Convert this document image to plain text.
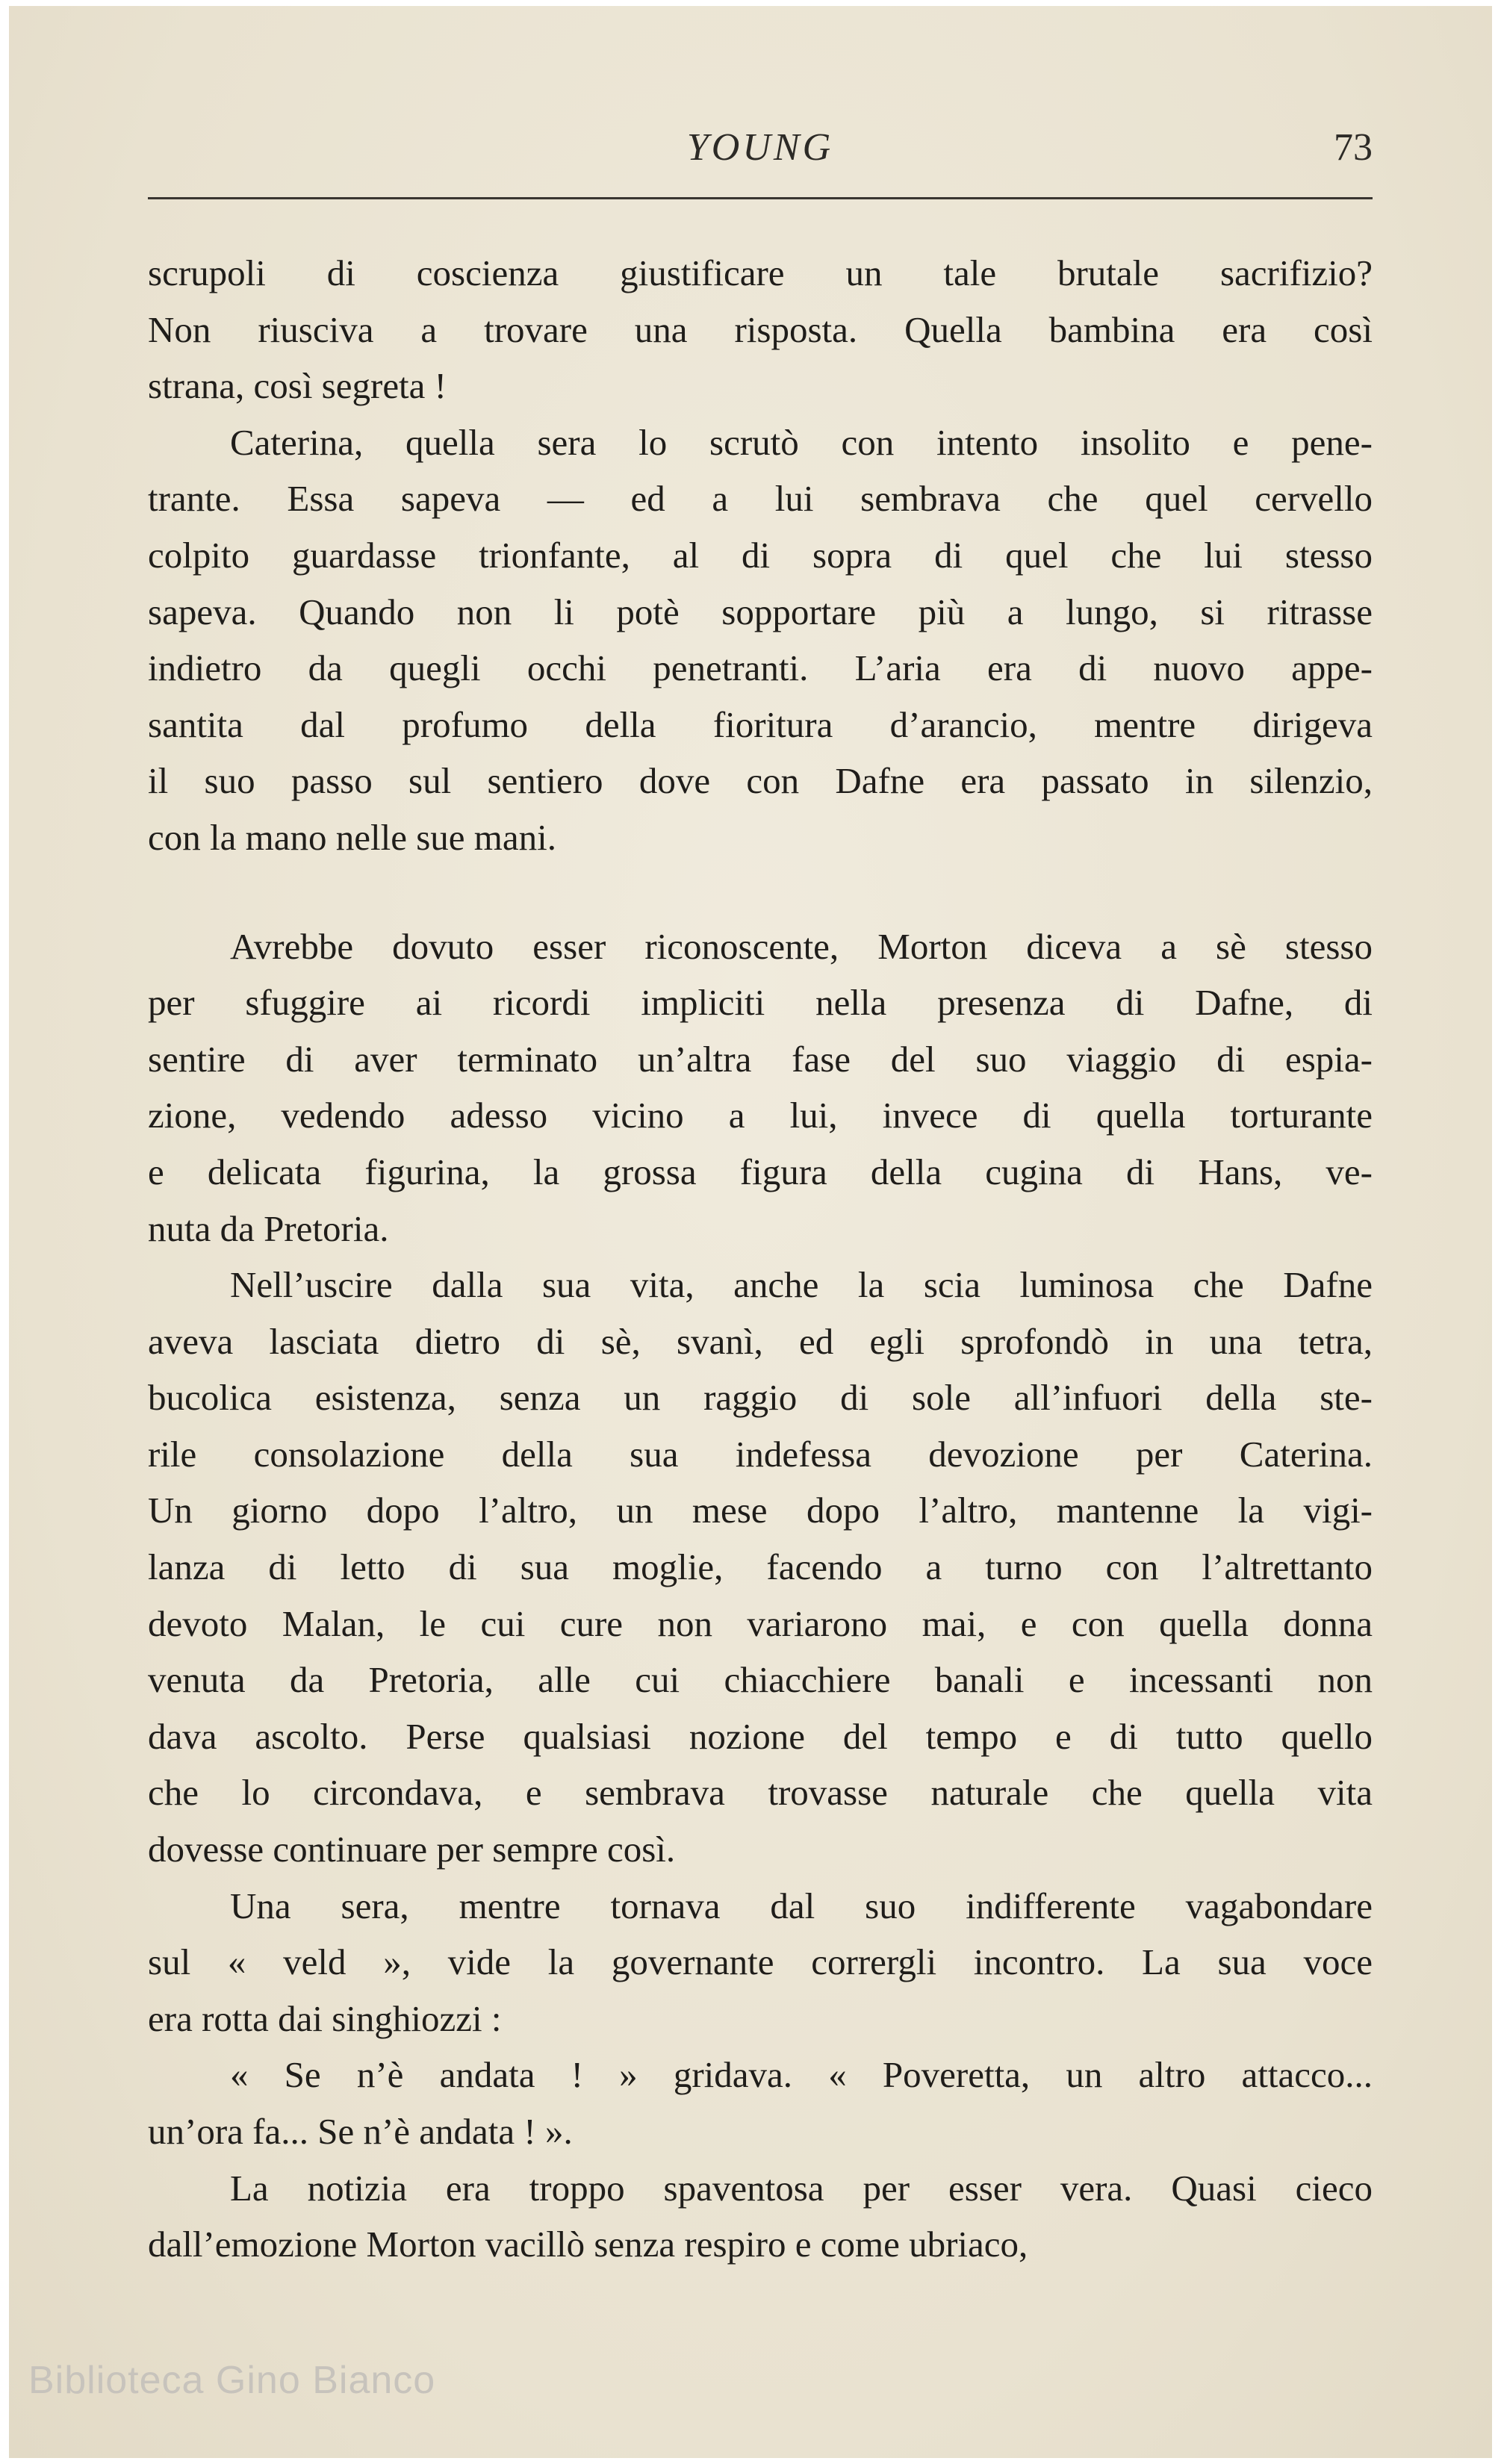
YOUNG	73
scrupoli di coscienza giustificare un tale brutale sacrifizio?
Non riusciva a trovare una risposta. Quella bambina era così
strana, così segreta !
Caterina, quella sera lo scrutò con intento insolito e pene-
trante. Essa sapeva — ed a lui sembrava che quel cervello
colpito guardasse trionfante, al di sopra di quel che lui stesso
sapeva. Quando non li potè sopportare più a lungo, si ritrasse
indietro da quegli occhi penetranti. L’aria era di nuovo appe-
santita dal profumo della fioritura d’arancio, mentre dirigeva
il suo passo sul sentiero dove con Dafne era passato in silenzio,
con la mano nelle sue mani.
Avrebbe dovuto esser riconoscente, Morton diceva a sè stesso
per sfuggire ai ricordi impliciti nella presenza di Dafne, di
sentire di aver terminato un’altra fase del suo viaggio di espia-
zione, vedendo adesso vicino a lui, invece di quella torturante
e delicata figurina, la grossa figura della cugina di Hans, ve-
nuta da Pretoria.
Nell’uscire dalla sua vita, anche la scia luminosa che Dafne
aveva lasciata dietro di sè, svanì, ed egli sprofondò in una tetra,
bucolica esistenza, senza un raggio di sole all’infuori della ste-
rile consolazione della sua indefessa devozione per Caterina.
Un giorno dopo l’altro, un mese dopo l’altro, mantenne la vigi-
lanza di letto di sua moglie, facendo a turno con l’altrettanto
devoto Malan, le cui cure non variarono mai, e con quella donna
venuta da Pretoria, alle cui chiacchiere banali e incessanti non
dava ascolto. Perse qualsiasi nozione del tempo e di tutto quello
che lo circondava, e sembrava trovasse naturale che quella vita
dovesse continuare per sempre così.
Una sera, mentre tornava dal suo indifferente vagabondare
sul « veld », vide la governante corrergli incontro. La sua voce
era rotta dai singhiozzi :
« Se n’è andata ! » gridava. « Poveretta, un altro attacco...
un’ora fa... Se n’è andata ! ».
La notizia era troppo spaventosa per esser vera. Quasi cieco
dall’emozione Morton vacillò senza respiro e come ubriaco,
Biblioteca Gino Bianco
